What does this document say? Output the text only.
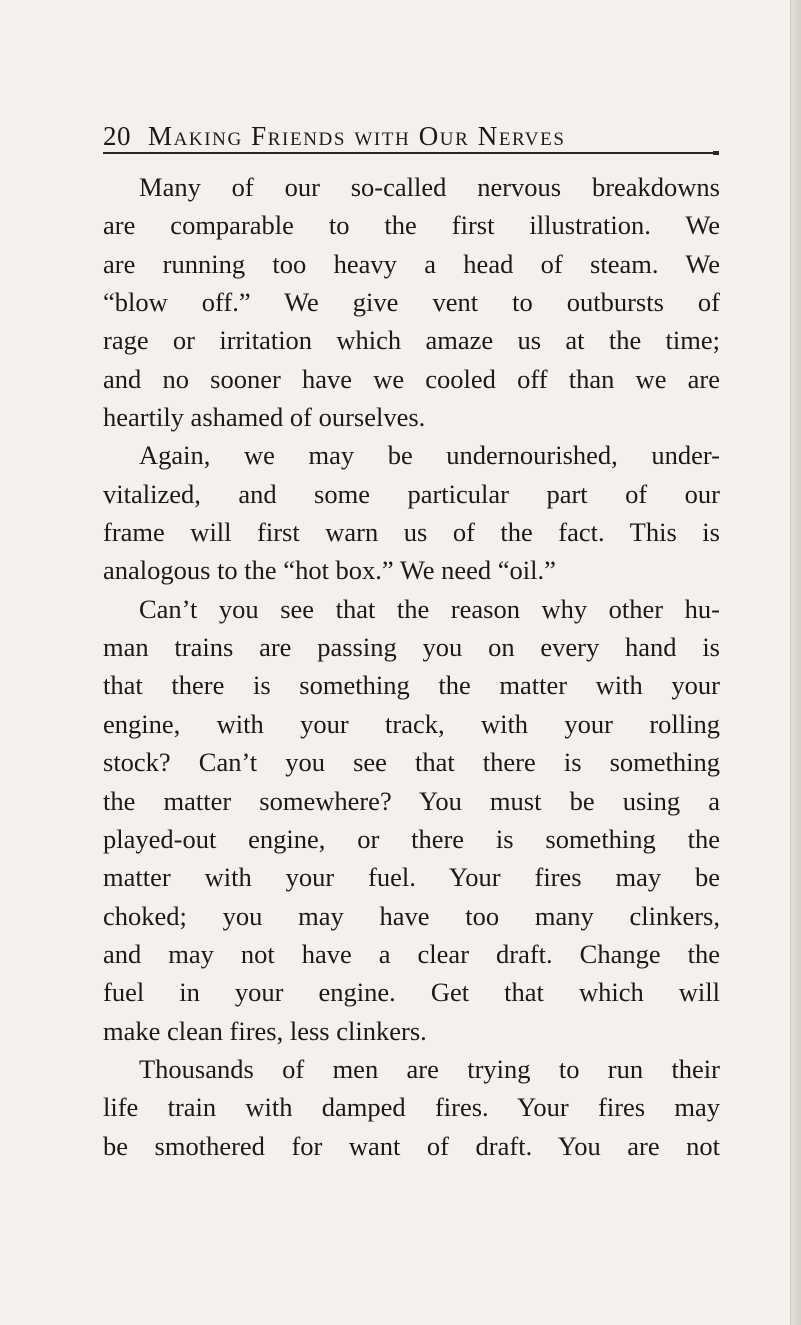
20 Making Friends with Our Nerves
Many of our so-called nervous breakdowns
are comparable to the first illustration. We
are running too heavy a head of steam. We
“blow off.” We give vent to outbursts of
rage or irritation which amaze us at the time;
and no sooner have we cooled off than we are
heartily ashamed of ourselves.
Again, we may be undernourished, under-
vitalized, and some particular part of our
frame will first warn us of the fact. This is
analogous to the “hot box.” We need “oil.”
Can’t you see that the reason why other hu-
man trains are passing you on every hand is
that there is something the matter with your
engine, with your track, with your rolling
stock? Can’t you see that there is something
the matter somewhere? You must be using a
played-out engine, or there is something the
matter with your fuel. Your fires may be
choked; you may have too many clinkers,
and may not have a clear draft. Change the
fuel in your engine. Get that which will
make clean fires, less clinkers.
Thousands of men are trying to run their
life train with damped fires. Your fires may
be smothered for want of draft. You are not
